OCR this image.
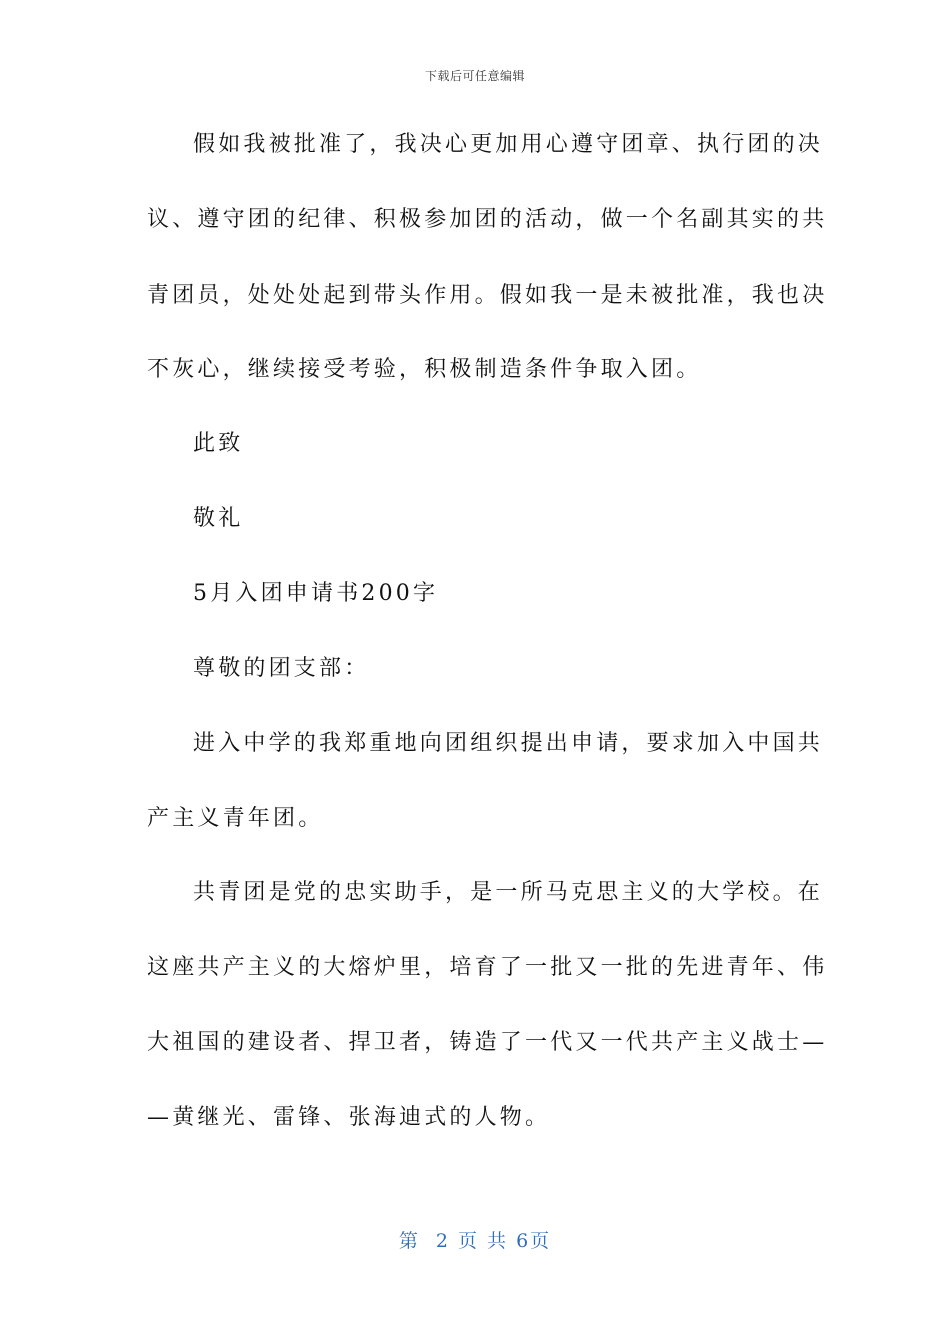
下载后可任意编辑
假如我被批准了，我决心更加用心遵守团章、执行团的决
议、遵守团的纪律、积极参加团的活动，做一个名副其实的共
青团员，处处处起到带头作用。假如我一是未被批准，我也决
不灰心，继续接受考验，积极制造条件争取入团。
此致
敬礼
5月入团申请书200字
尊敬的团支部：
进入中学的我郑重地向团组织提出申请，要求加入中国共
产主义青年团。
共青团是党的忠实助手，是一所马克思主义的大学校。在
这座共产主义的大熔炉里，培育了一批又一批的先进青年、伟
大祖国的建设者、捍卫者，铸造了一代又一代共产主义战士—
—黄继光、雷锋、张海迪式的人物。
第  2 页 共 6页
